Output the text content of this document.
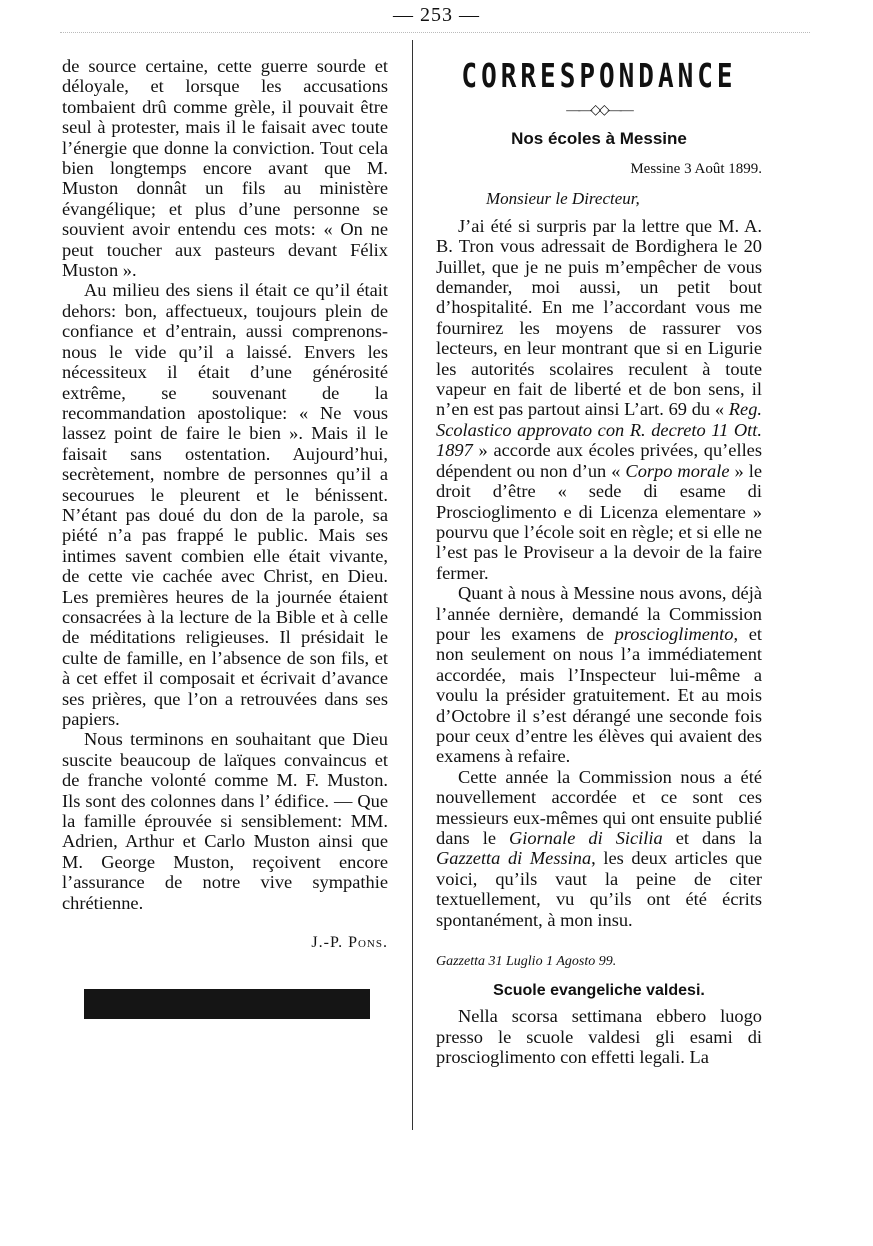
— 253 —

de source certaine, cette guerre sourde et déloyale, et lorsque les accusations tombaient drû comme grèle, il pouvait être seul à protester, mais il le faisait avec toute l’énergie que donne la conviction. Tout cela bien longtemps encore avant que M. Muston donnât un fils au ministère évangélique; et plus d’une personne se souvient avoir entendu ces mots: « On ne peut toucher aux pasteurs devant Félix Muston ».

Au milieu des siens il était ce qu’il était dehors: bon, affectueux, toujours plein de confiance et d’entrain, aussi comprenons-nous le vide qu’il a laissé. Envers les nécessiteux il était d’une générosité extrême, se souvenant de la recommandation apostolique: « Ne vous lassez point de faire le bien ». Mais il le faisait sans ostentation. Aujourd’hui, secrètement, nombre de personnes qu’il a secourues le pleurent et le bénissent. N’étant pas doué du don de la parole, sa piété n’a pas frappé le public. Mais ses intimes savent combien elle était vivante, de cette vie cachée avec Christ, en Dieu. Les premières heures de la journée étaient consacrées à la lecture de la Bible et à celle de méditations religieuses. Il présidait le culte de famille, en l’absence de son fils, et à cet effet il composait et écrivait d’avance ses prières, que l’on a retrouvées dans ses papiers.

Nous terminons en souhaitant que Dieu suscite beaucoup de laïques convaincus et de franche volonté comme M. F. Muston. Ils sont des colonnes dans l’ édifice. — Que la famille éprouvée si sensiblement: MM. Adrien, Arthur et Carlo Muston ainsi que M. George Muston, reçoivent encore l’assurance de notre vive sympathie chrétienne.

J.-P. Pons.

CORRESPONDANCE
——◇◇——
Nos écoles à Messine

Messine 3 Août 1899.

Monsieur le Directeur,

J’ai été si surpris par la lettre que M. A. B. Tron vous adressait de Bordighera le 20 Juillet, que je ne puis m’empêcher de vous demander, moi aussi, un petit bout d’hospitalité. En me l’accordant vous me fournirez les moyens de rassurer vos lecteurs, en leur montrant que si en Ligurie les autorités scolaires reculent à toute vapeur en fait de liberté et de bon sens, il n’en est pas partout ainsi L’art. 69 du « Reg. Scolastico approvato con R. decreto 11 Ott. 1897 » accorde aux écoles privées, qu’elles dépendent ou non d’un « Corpo morale » le droit d’être « sede di esame di Proscioglimento e di Licenza elementare » pourvu que l’école soit en règle; et si elle ne l’est pas le Proviseur a la devoir de la faire fermer.

Quant à nous à Messine nous avons, déjà l’année dernière, demandé la Commission pour les examens de proscioglimento, et non seulement on nous l’a immédiatement accordée, mais l’Inspecteur lui-même a voulu la présider gratuitement. Et au mois d’Octobre il s’est dérangé une seconde fois pour ceux d’entre les élèves qui avaient des examens à refaire.

Cette année la Commission nous a été nouvellement accordée et ce sont ces messieurs eux-mêmes qui ont ensuite publié dans le Giornale di Sicilia et dans la Gazzetta di Messina, les deux articles que voici, qu’ils vaut la peine de citer textuellement, vu qu’ils ont été écrits spontanément, à mon insu.

Gazzetta 31 Luglio 1 Agosto 99.

Scuole evangeliche valdesi.

Nella scorsa settimana ebbero luogo presso le scuole valdesi gli esami di proscioglimento con effetti legali. La
